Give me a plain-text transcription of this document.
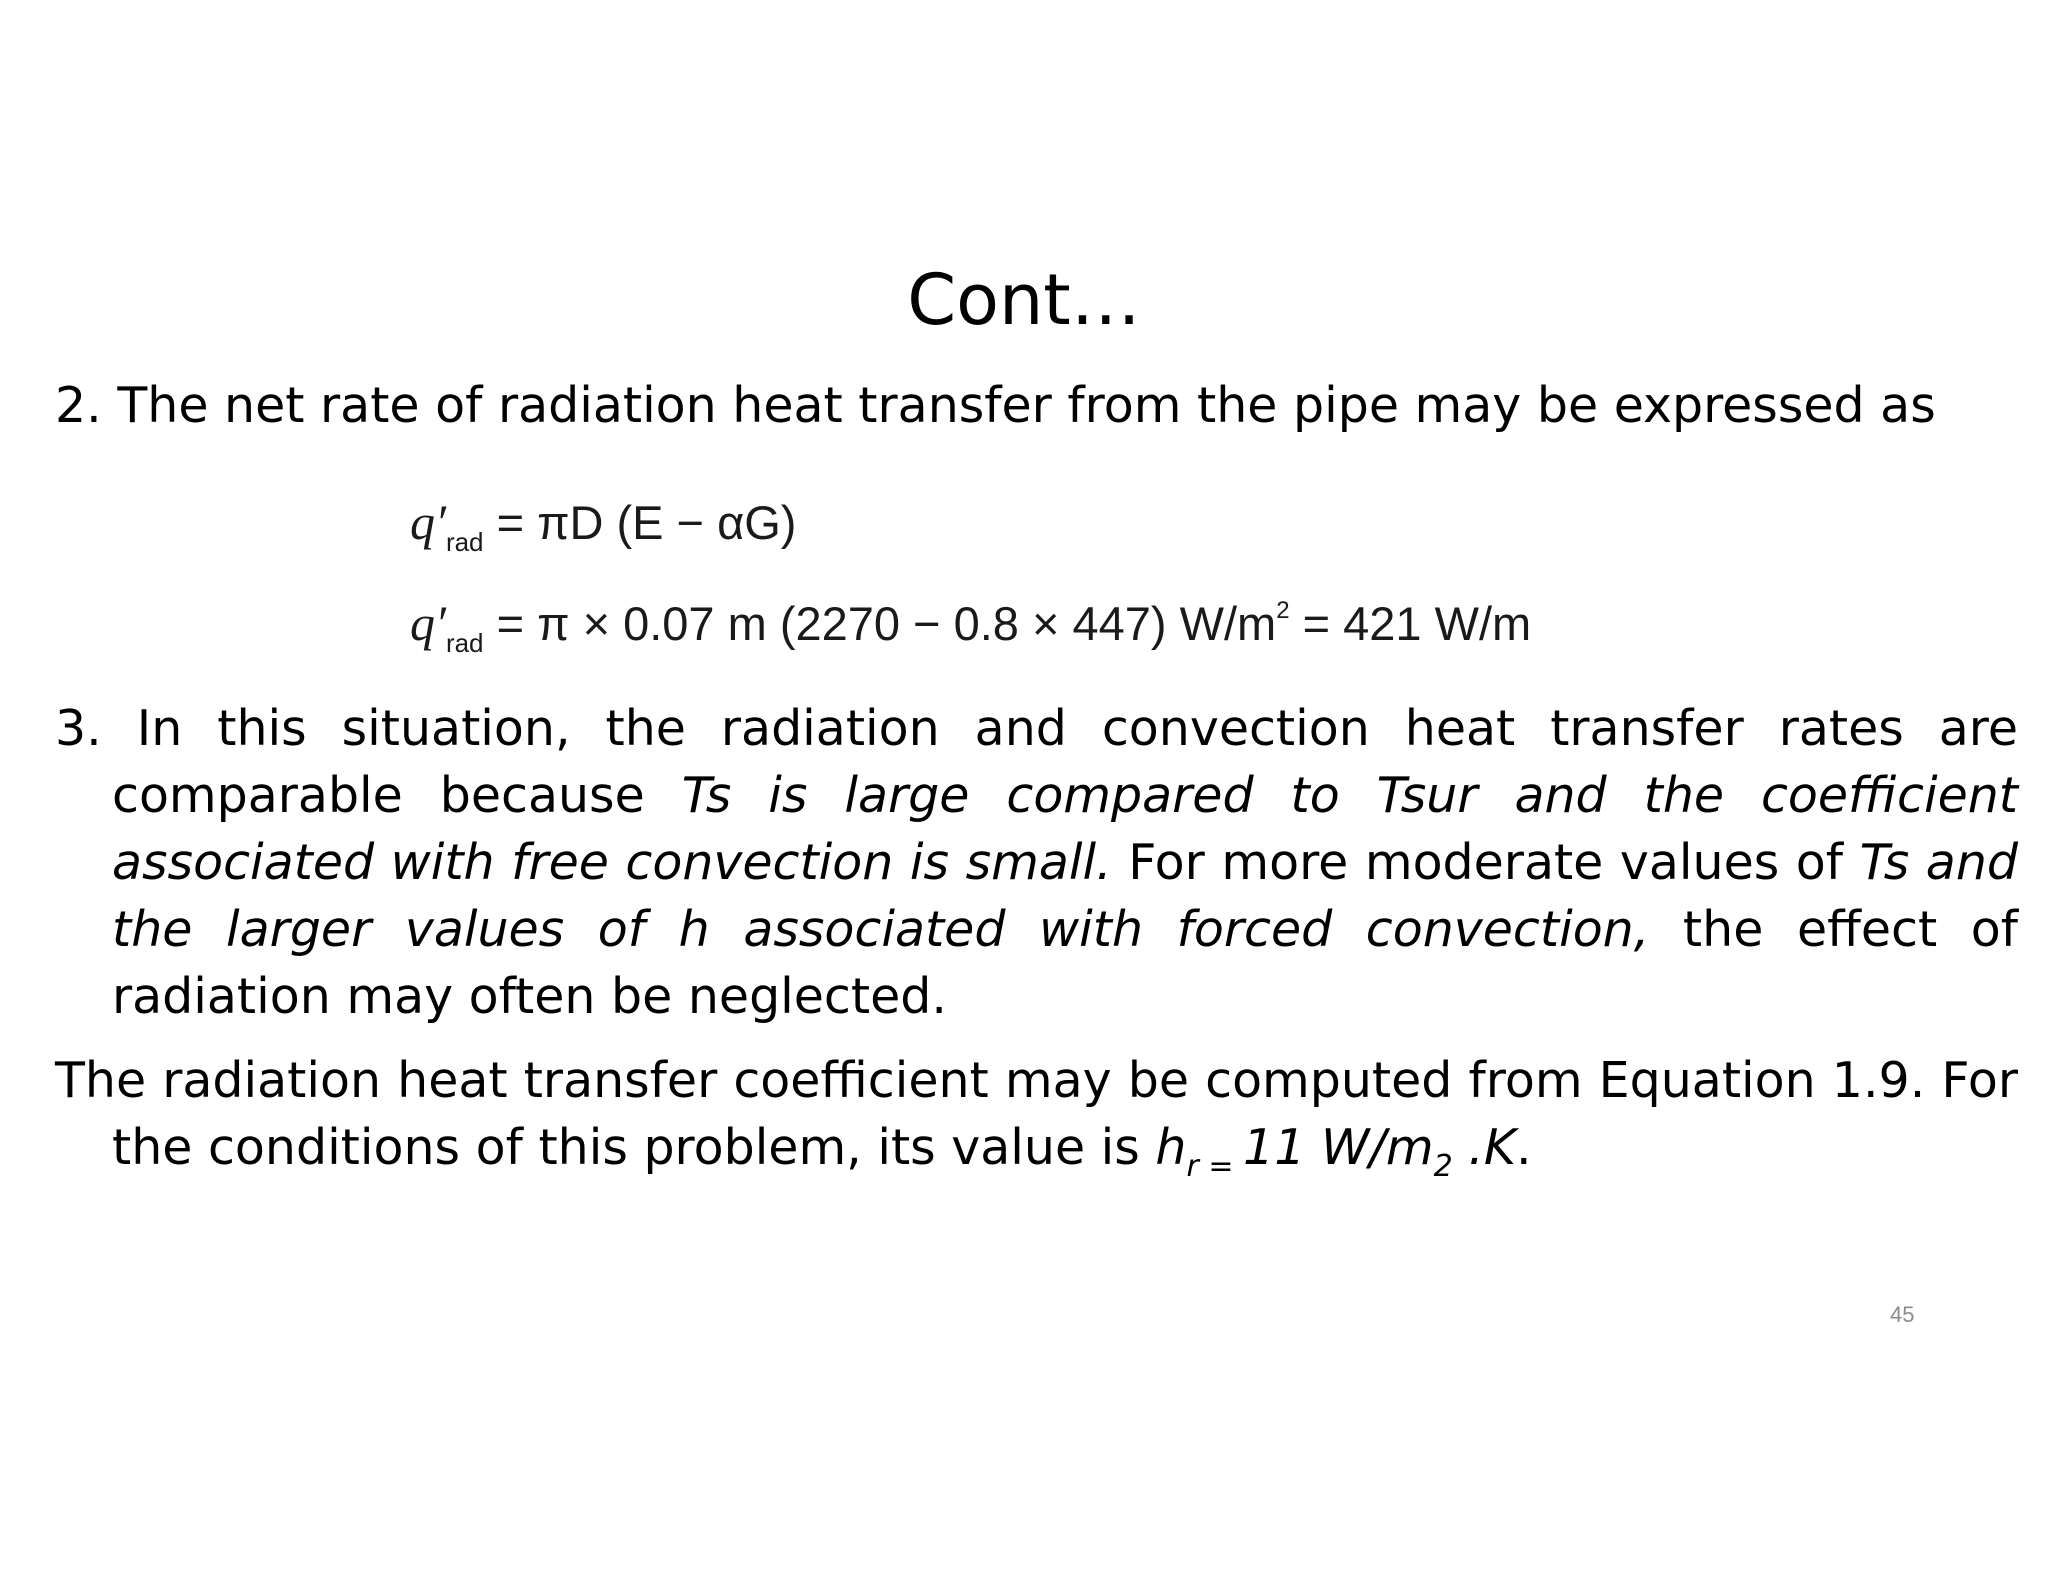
Cont…
2. The net rate of radiation heat transfer from the pipe may be expressed as
$q'_{rad} = \pi D$ (E − αG)
$q'_{rad} = \pi \times 0.07$ m (2270 − 0.8 × 447) $W/m^2 = 421$ W/m
3. In this situation, the radiation and convection heat transfer rates are comparable because Ts is large compared to Tsur and the coefficient associated with free convection is small. For more moderate values of Ts and the larger values of h associated with forced convection, the effect of radiation may often be neglected.
The radiation heat transfer coefficient may be computed from Equation 1.9. For the conditions of this problem, its value is $h_{r =}$ 11 $W/m_2$ .K.
45
